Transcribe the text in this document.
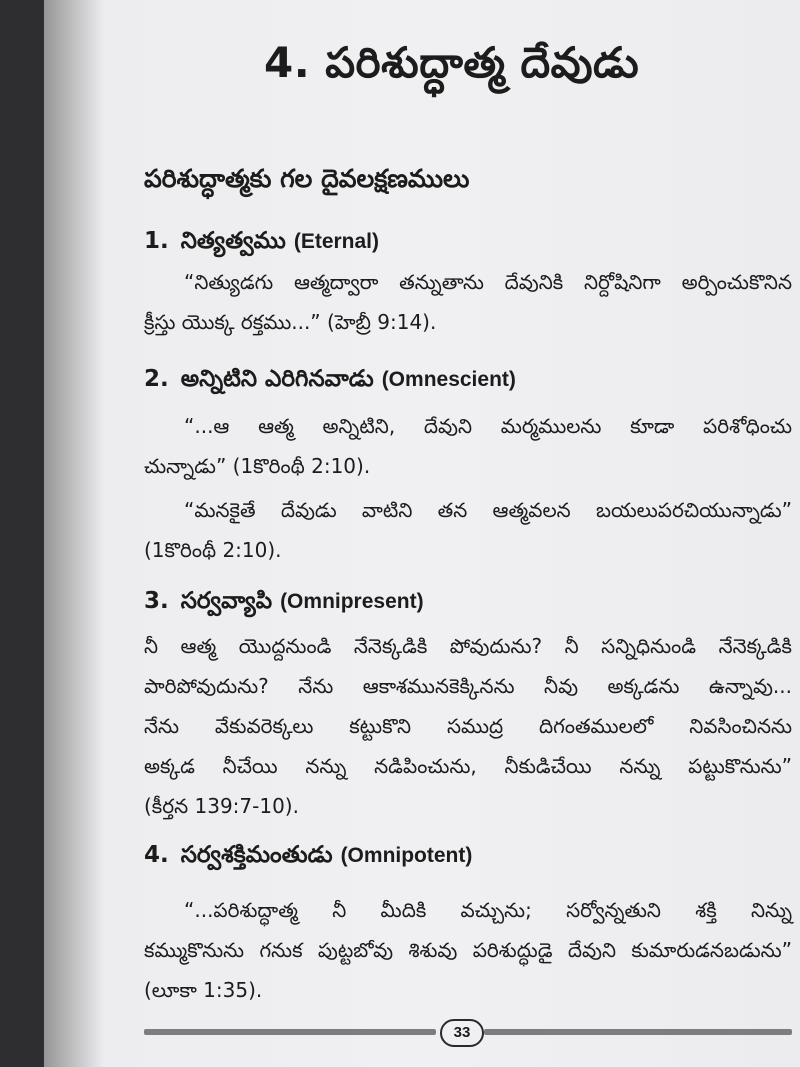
4. పరిశుద్ధాత్మ దేవుడు
పరిశుద్ధాత్మకు గల దైవలక్షణములు
1. నిత్యత్వము (Eternal)
“నిత్యుడగు ఆత్మద్వారా తన్నుతాను దేవునికి నిర్దోషినిగా అర్పించుకొనిన
క్రీస్తు యొక్క రక్తము...” (హెబ్రీ 9:14).
2. అన్నిటిని ఎరిగినవాడు (Omnescient)
“...ఆ ఆత్మ అన్నిటిని, దేవుని మర్మములను కూడా పరిశోధించు
చున్నాడు” (1కొరింథీ 2:10).
“మనకైతే దేవుడు వాటిని తన ఆత్మవలన బయలుపరచియున్నాడు”
(1కొరింథీ 2:10).
3. సర్వవ్యాపి (Omnipresent)
నీ ఆత్మ యొద్దనుండి నేనెక్కడికి పోవుదును? నీ సన్నిధినుండి నేనెక్కడికి
పారిపోవుదును? నేను ఆకాశమునకెక్కినను నీవు అక్కడను ఉన్నావు...
నేను వేకువరెక్కలు కట్టుకొని సముద్ర దిగంతములలో నివసించినను
అక్కడ నీచేయి నన్ను నడిపించును, నీకుడిచేయి నన్ను పట్టుకొనును”
(కీర్తన 139:7-10).
4. సర్వశక్తిమంతుడు (Omnipotent)
“...పరిశుద్ధాత్మ నీ మీదికి వచ్చును; సర్వోన్నతుని శక్తి నిన్ను
కమ్ముకొనును గనుక పుట్టబోవు శిశువు పరిశుద్ధుడై దేవుని కుమారుడనబడును”
(లూకా 1:35).
33
